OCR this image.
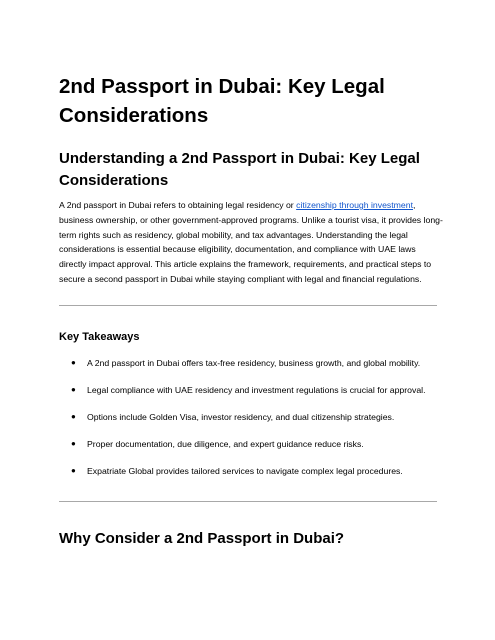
2nd Passport in Dubai: Key Legal Considerations
Understanding a 2nd Passport in Dubai: Key Legal Considerations

A 2nd passport in Dubai refers to obtaining legal residency or citizenship through investment, business ownership, or other government-approved programs. Unlike a tourist visa, it provides long-term rights such as residency, global mobility, and tax advantages. Understanding the legal considerations is essential because eligibility, documentation, and compliance with UAE laws directly impact approval. This article explains the framework, requirements, and practical steps to secure a second passport in Dubai while staying compliant with legal and financial regulations.

Key Takeaways
● A 2nd passport in Dubai offers tax-free residency, business growth, and global mobility.
● Legal compliance with UAE residency and investment regulations is crucial for approval.
● Options include Golden Visa, investor residency, and dual citizenship strategies.
● Proper documentation, due diligence, and expert guidance reduce risks.
● Expatriate Global provides tailored services to navigate complex legal procedures.
Why Consider a 2nd Passport in Dubai?
